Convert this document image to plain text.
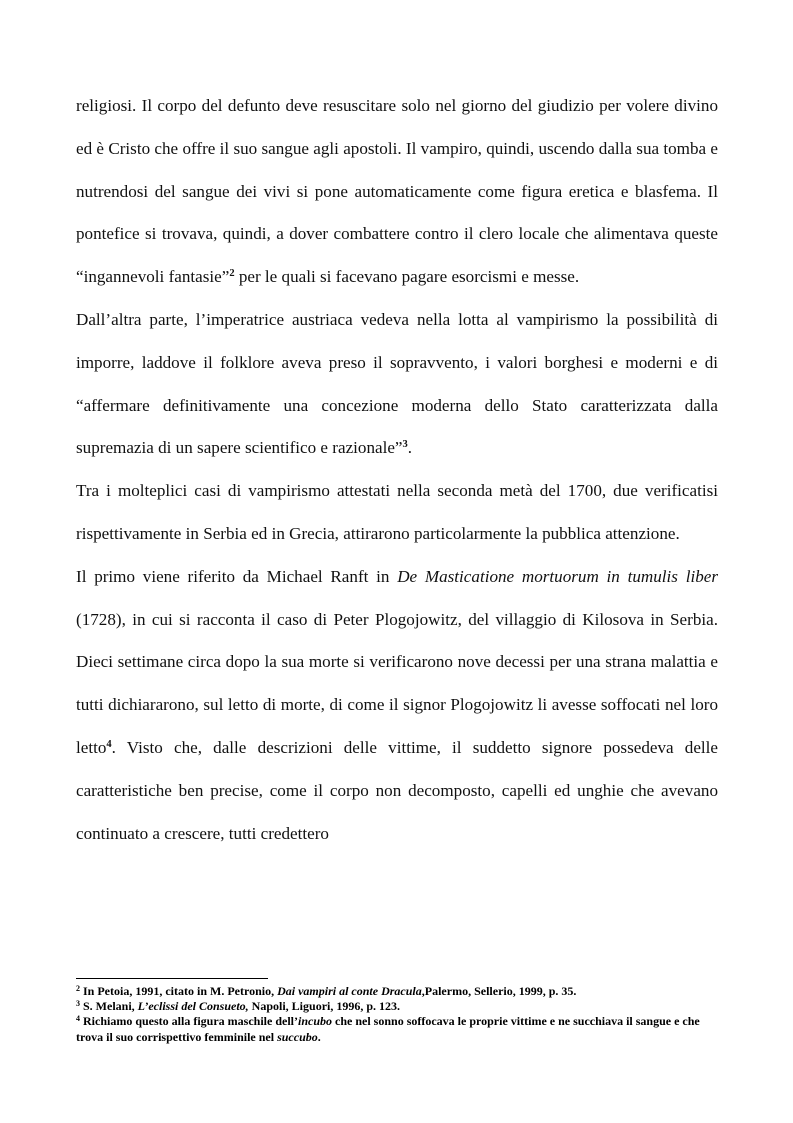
religiosi. Il corpo del defunto deve resuscitare solo nel giorno del giudizio per volere divino ed è Cristo che offre il suo sangue agli apostoli. Il vampiro, quindi, uscendo dalla sua tomba e nutrendosi del sangue dei vivi si pone automaticamente come figura eretica e blasfema. Il pontefice si trovava, quindi, a dover combattere contro il clero locale che alimentava queste “ingannevoli fantasie”$^2$ per le quali si facevano pagare esorcismi e messe.

Dall’altra parte, l’imperatrice austriaca vedeva nella lotta al vampirismo la possibilità di imporre, laddove il folklore aveva preso il sopravvento, i valori borghesi e moderni e di “affermare definitivamente una concezione moderna dello Stato caratterizzata dalla supremazia di un sapere scientifico e razionale”$^3$.

Tra i molteplici casi di vampirismo attestati nella seconda metà del 1700, due verificatisi rispettivamente in Serbia ed in Grecia, attirarono particolarmente la pubblica attenzione.

Il primo viene riferito da Michael Ranft in De Masticatione mortuorum in tumulis liber (1728), in cui si racconta il caso di Peter Plogojowitz, del villaggio di Kilosova in Serbia. Dieci settimane circa dopo la sua morte si verificarono nove decessi per una strana malattia e tutti dichiararono, sul letto di morte, di come il signor Plogojowitz li avesse soffocati nel loro letto$^4$. Visto che, dalle descrizioni delle vittime, il suddetto signore possedeva delle caratteristiche ben precise, come il corpo non decomposto, capelli ed unghie che avevano continuato a crescere, tutti credettero

$^2$ In Petoia, 1991, citato in M. Petronio, Dai vampiri al conte Dracula,Palermo, Sellerio, 1999, p. 35.

$^3$ S. Melani, L’eclissi del Consueto, Napoli, Liguori, 1996, p. 123.

$^4$ Richiamo questo alla figura maschile dell’incubo che nel sonno soffocava le proprie vittime e ne succhiava il sangue e che trova il suo corrispettivo femminile nel succubo.
